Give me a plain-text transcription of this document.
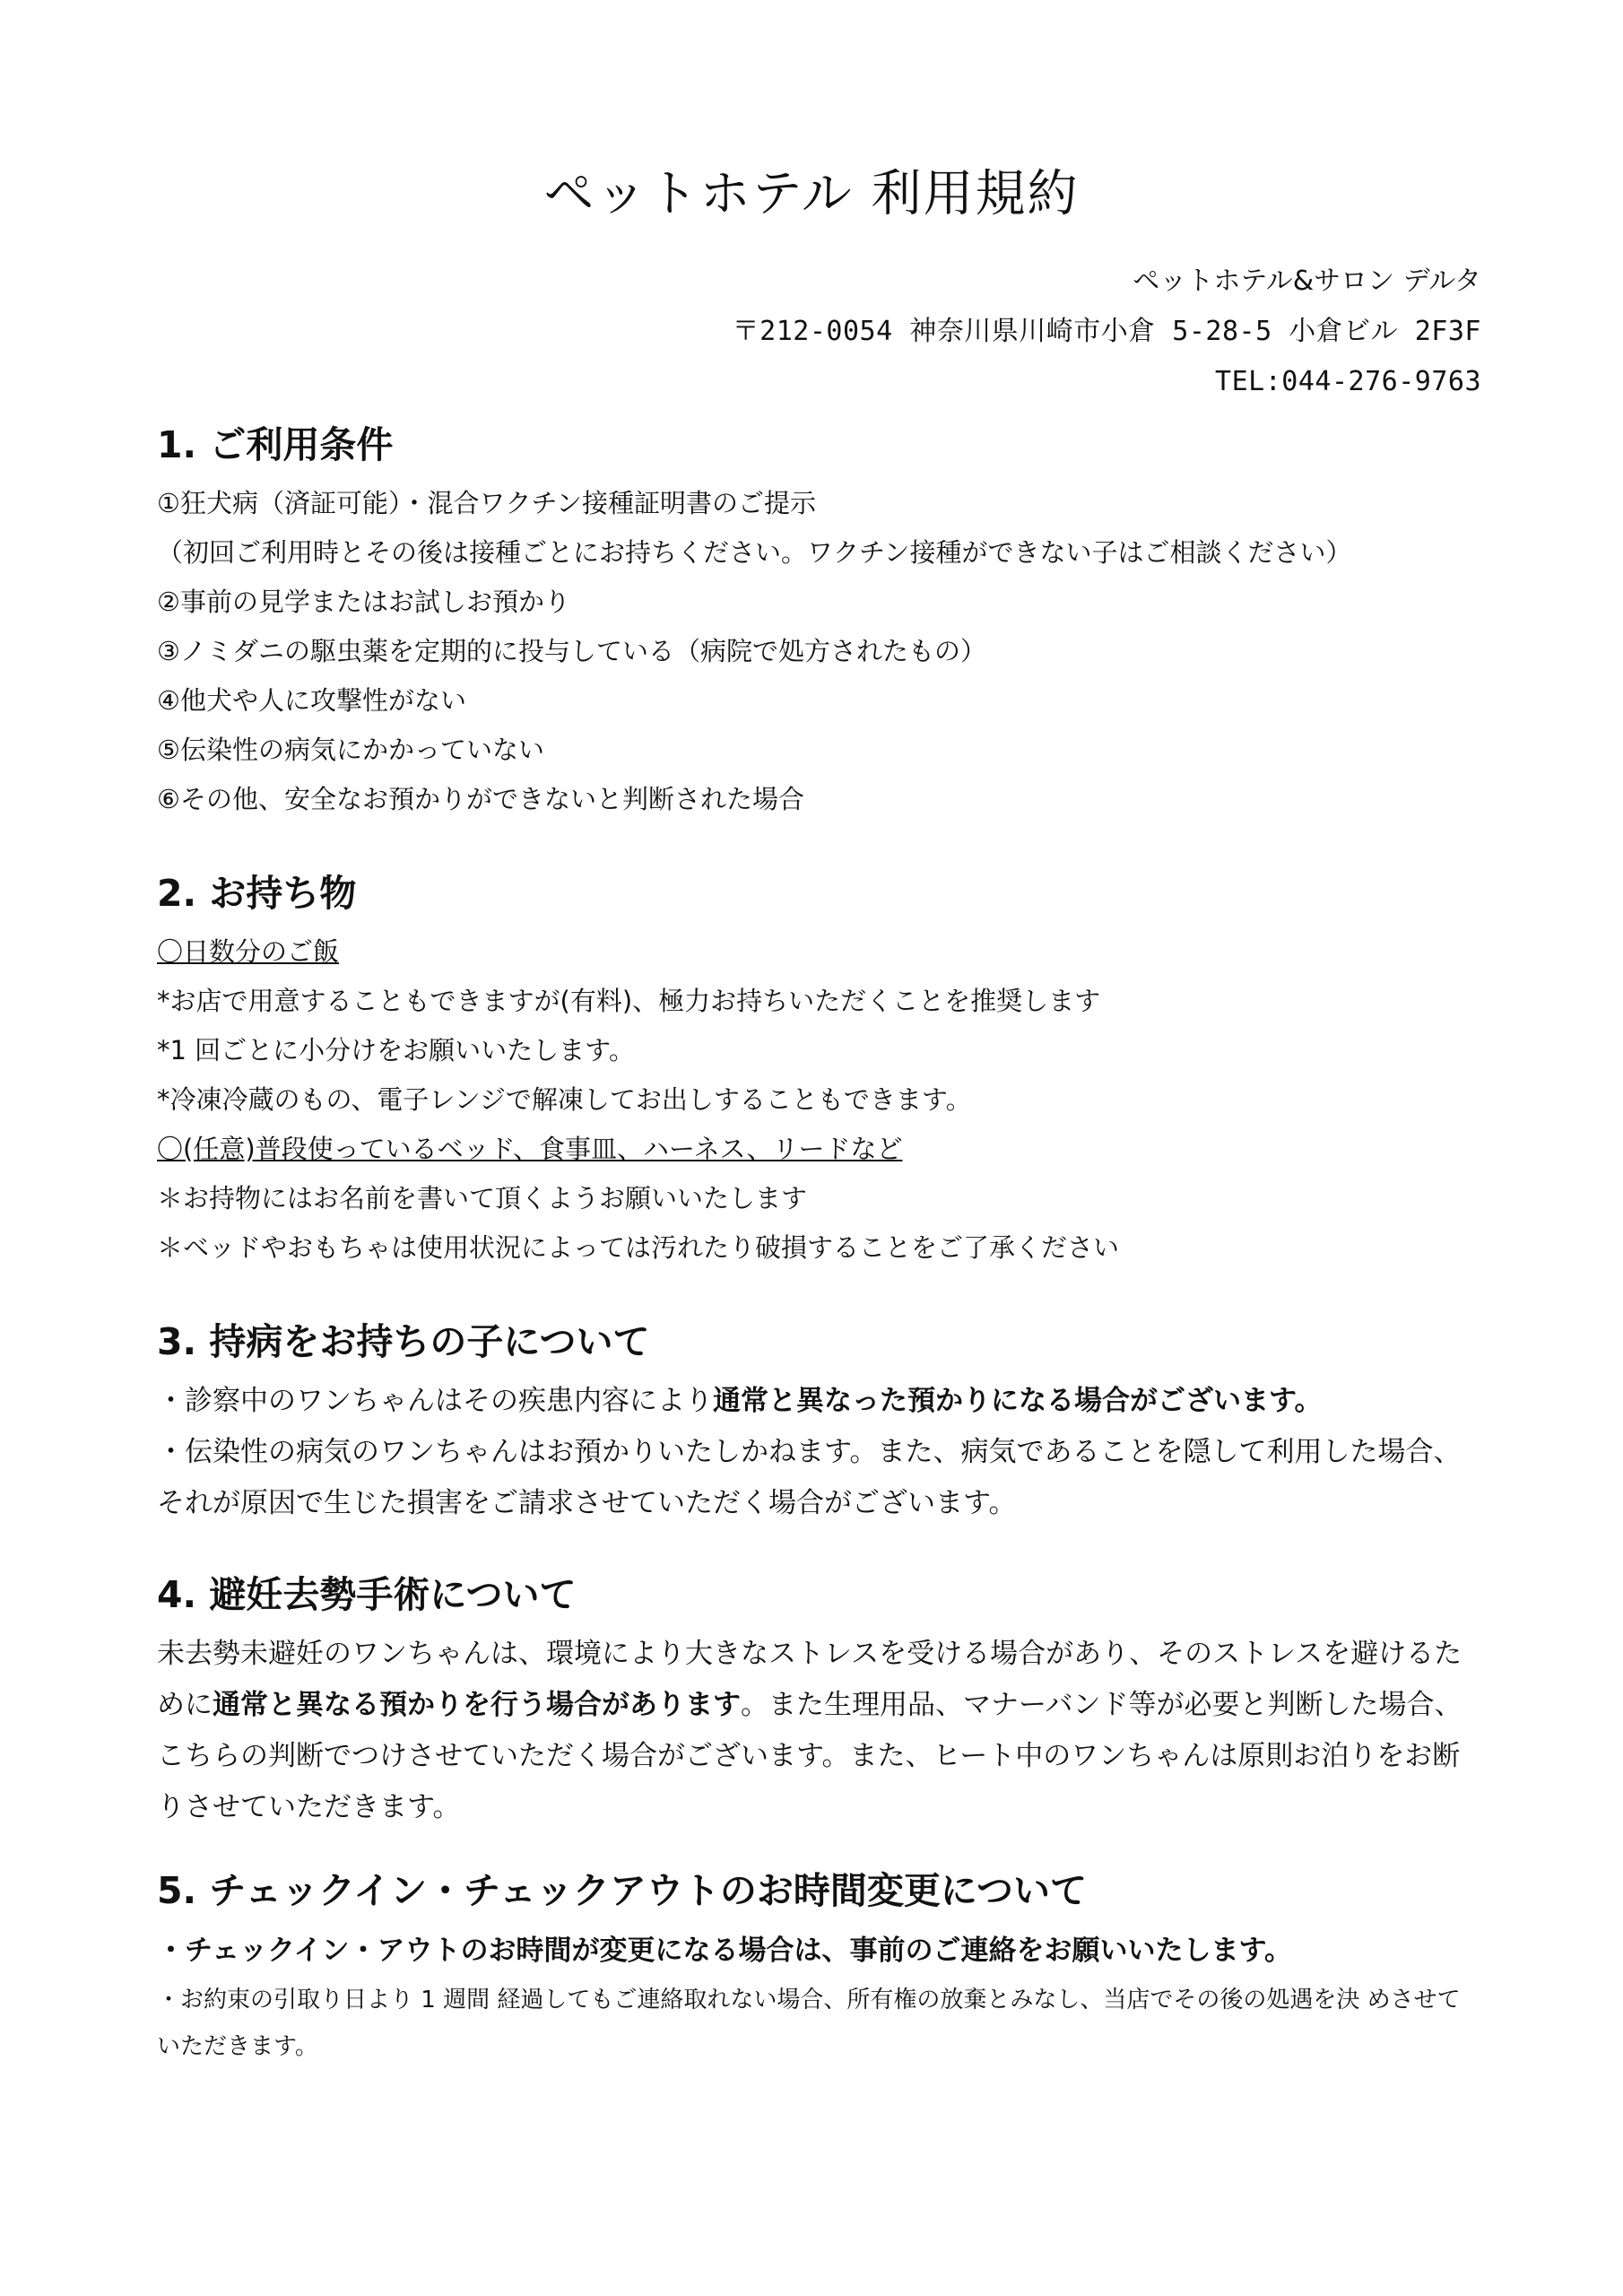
ペットホテル 利用規約
ペットホテル&サロン デルタ
〒212-0054 神奈川県川崎市小倉 5-28-5 小倉ビル 2F3F
TEL:044-276-9763
1. ご利用条件
①狂犬病（済証可能）・混合ワクチン接種証明書のご提示
（初回ご利用時とその後は接種ごとにお持ちください。ワクチン接種ができない子はご相談ください）
②事前の見学またはお試しお預かり
③ノミダニの駆虫薬を定期的に投与している（病院で処方されたもの）
④他犬や人に攻撃性がない
⑤伝染性の病気にかかっていない
⑥その他、安全なお預かりができないと判断された場合
2. お持ち物
〇日数分のご飯
*お店で用意することもできますが(有料)、極力お持ちいただくことを推奨します
*1 回ごとに小分けをお願いいたします。
*冷凍冷蔵のもの、電子レンジで解凍してお出しすることもできます。
〇(任意)普段使っているベッド、食事皿、ハーネス、リードなど
＊お持物にはお名前を書いて頂くようお願いいたします
＊ベッドやおもちゃは使用状況によっては汚れたり破損することをご了承ください
3. 持病をお持ちの子について
・診察中のワンちゃんはその疾患内容により通常と異なった預かりになる場合がございます。
・伝染性の病気のワンちゃんはお預かりいたしかねます。また、病気であることを隠して利用した場合、それが原因で生じた損害をご請求させていただく場合がございます。
4. 避妊去勢手術について
未去勢未避妊のワンちゃんは、環境により大きなストレスを受ける場合があり、そのストレスを避けるために通常と異なる預かりを行う場合があります。また生理用品、マナーバンド等が必要と判断した場合、こちらの判断でつけさせていただく場合がございます。また、ヒート中のワンちゃんは原則お泊りをお断りさせていただきます。
5. チェックイン・チェックアウトのお時間変更について
・チェックイン・アウトのお時間が変更になる場合は、事前のご連絡をお願いいたします。
・お約束の引取り日より 1 週間 経過してもご連絡取れない場合、所有権の放棄とみなし、当店でその後の処遇を決 めさせていただきます。
